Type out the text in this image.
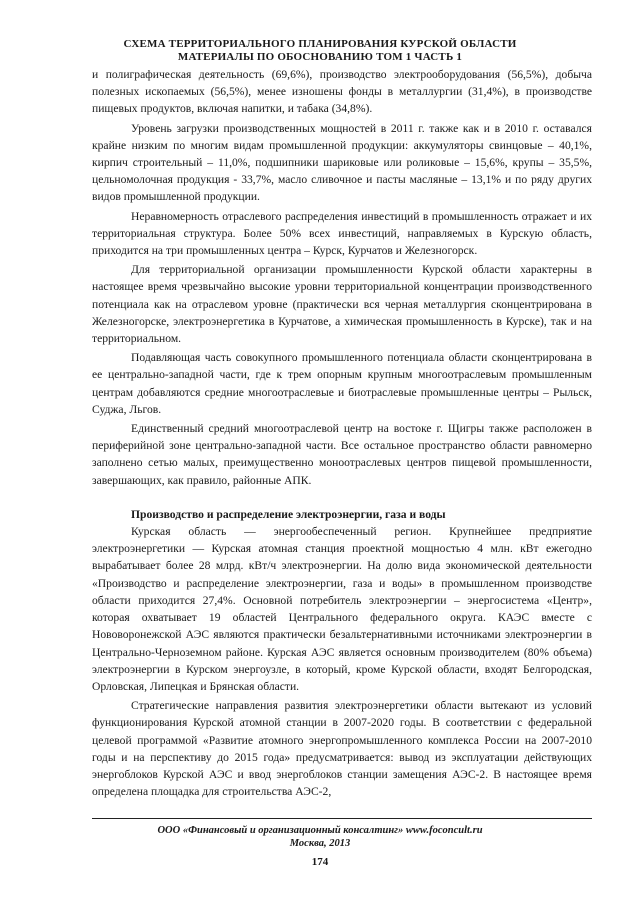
СХЕМА ТЕРРИТОРИАЛЬНОГО ПЛАНИРОВАНИЯ КУРСКОЙ ОБЛАСТИ
МАТЕРИАЛЫ ПО ОБОСНОВАНИЮ ТОМ 1 ЧАСТЬ 1

и полиграфическая деятельность (69,6%), производство электрооборудования (56,5%), добыча полезных ископаемых (56,5%), менее изношены фонды в металлургии (31,4%), в производстве пищевых продуктов, включая напитки, и табака (34,8%).

Уровень загрузки производственных мощностей в 2011 г. также как и в 2010 г. оставался крайне низким по многим видам промышленной продукции: аккумуляторы свинцовые – 40,1%, кирпич строительный – 11,0%, подшипники шариковые или роликовые – 15,6%, крупы – 35,5%, цельномолочная продукция - 33,7%, масло сливочное и пасты масляные – 13,1% и по ряду других видов промышленной продукции.

Неравномерность отраслевого распределения инвестиций в промышленность отражает и их территориальная структура. Более 50% всех инвестиций, направляемых в Курскую область, приходится на три промышленных центра – Курск, Курчатов и Железногорск.

Для территориальной организации промышленности Курской области характерны в настоящее время чрезвычайно высокие уровни территориальной концентрации производственного потенциала как на отраслевом уровне (практически вся черная металлургия сконцентрирована в Железногорске, электроэнергетика в Курчатове, а химическая промышленность в Курске), так и на территориальном.

Подавляющая часть совокупного промышленного потенциала области сконцентрирована в ее центрально-западной части, где к трем опорным крупным многоотраслевым промышленным центрам добавляются средние многоотраслевые и биотраслевые промышленные центры – Рыльск, Суджа, Льгов.

Единственный средний многоотраслевой центр на востоке г. Щигры также расположен в периферийной зоне центрально-западной части. Все остальное пространство области равномерно заполнено сетью малых, преимущественно моноотраслевых центров пищевой промышленности, завершающих, как правило, районные АПК.

Производство и распределение электроэнергии, газа и воды

Курская область — энергообеспеченный регион. Крупнейшее предприятие электроэнергетики — Курская атомная станция проектной мощностью 4 млн. кВт ежегодно вырабатывает более 28 млрд. кВт/ч электроэнергии. На долю вида экономической деятельности «Производство и распределение электроэнергии, газа и воды» в промышленном производстве области приходится 27,4%. Основной потребитель электроэнергии – энергосистема «Центр», которая охватывает 19 областей Центрального федерального округа. КАЭС вместе с Нововоронежской АЭС являются практически безальтернативными источниками электроэнергии в Центрально-Черноземном районе. Курская АЭС является основным производителем (80% объема) электроэнергии в Курском энергоузле, в который, кроме Курской области, входят Белгородская, Орловская, Липецкая и Брянская области.

Стратегические направления развития электроэнергетики области вытекают из условий функционирования Курской атомной станции в 2007-2020 годы. В соответствии с федеральной целевой программой «Развитие атомного энергопромышленного комплекса России на 2007-2010 годы и на перспективу до 2015 года» предусматривается: вывод из эксплуатации действующих энергоблоков Курской АЭС и ввод энергоблоков станции замещения АЭС-2. В настоящее время определена площадка для строительства АЭС-2,

ООО «Финансовый и организационный консалтинг» www.foconcult.ru
Москва, 2013
174
